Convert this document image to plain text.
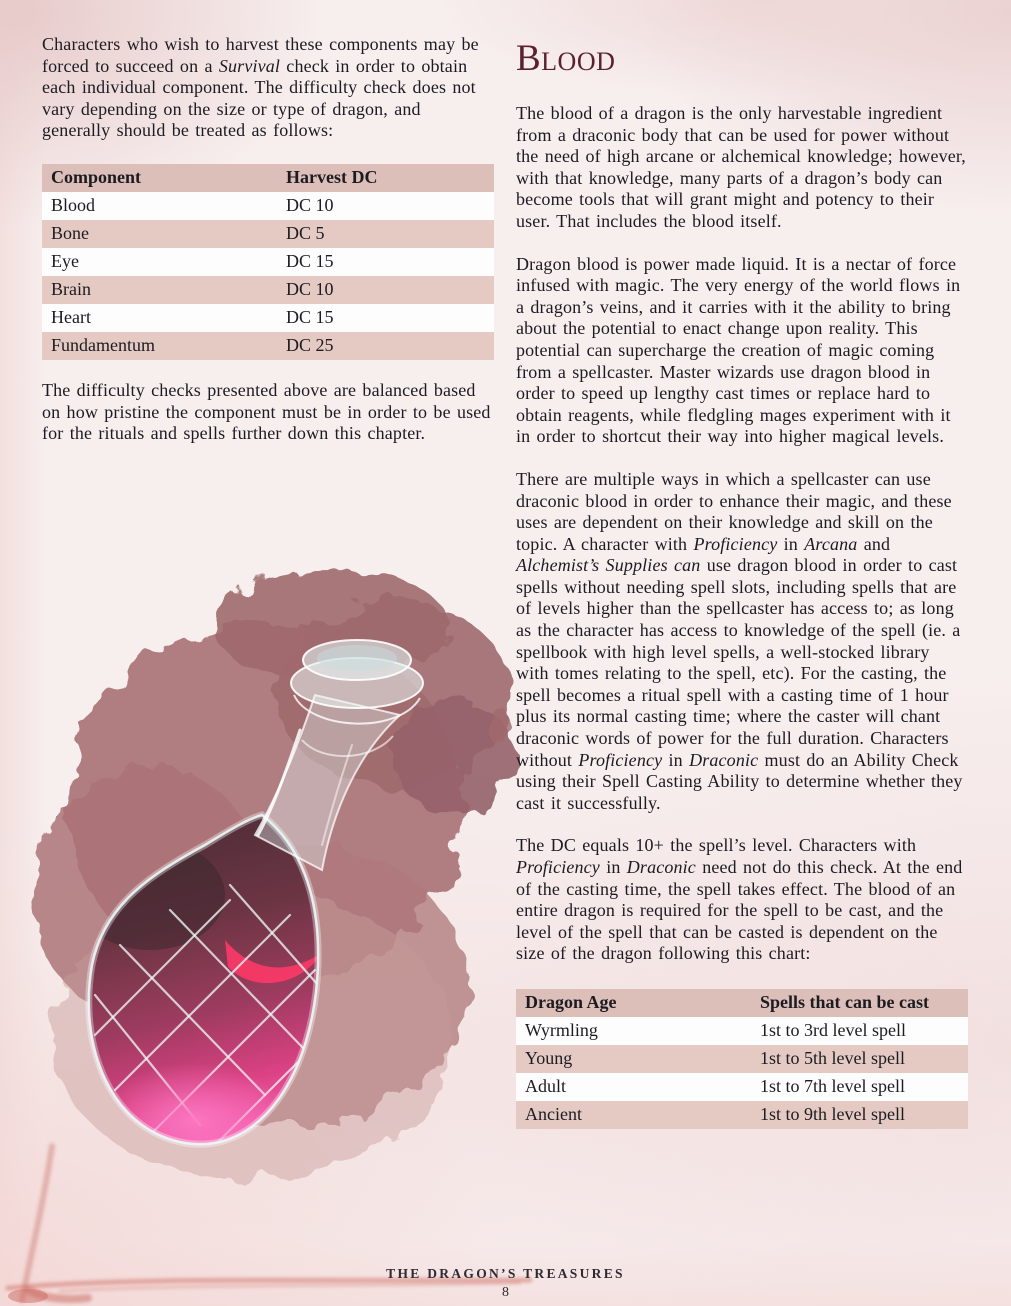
Characters who wish to harvest these components may be forced to succeed on a Survival check in order to obtain each individual component. The difficulty check does not vary depending on the size or type of dragon, and generally should be treated as follows:

Component	Harvest DC
Blood	DC 10
Bone	DC 5
Eye	DC 15
Brain	DC 10
Heart	DC 15
Fundamentum	DC 25

The difficulty checks presented above are balanced based on how pristine the component must be in order to be used for the rituals and spells further down this chapter.

Blood

The blood of a dragon is the only harvestable ingredient from a draconic body that can be used for power without the need of high arcane or alchemical knowledge; however, with that knowledge, many parts of a dragon’s body can become tools that will grant might and potency to their user. That includes the blood itself.

Dragon blood is power made liquid. It is a nectar of force infused with magic. The very energy of the world flows in a dragon’s veins, and it carries with it the ability to bring about the potential to enact change upon reality. This potential can supercharge the creation of magic coming from a spellcaster. Master wizards use dragon blood in order to speed up lengthy cast times or replace hard to obtain reagents, while fledgling mages experiment with it in order to shortcut their way into higher magical levels.

There are multiple ways in which a spellcaster can use draconic blood in order to enhance their magic, and these uses are dependent on their knowledge and skill on the topic. A character with Proficiency in Arcana and Alchemist’s Supplies can use dragon blood in order to cast spells without needing spell slots, including spells that are of levels higher than the spellcaster has access to; as long as the character has access to knowledge of the spell (ie. a spellbook with high level spells, a well-stocked library with tomes relating to the spell, etc). For the casting, the spell becomes a ritual spell with a casting time of 1 hour plus its normal casting time; where the caster will chant draconic words of power for the full duration. Characters without Proficiency in Draconic must do an Ability Check using their Spell Casting Ability to determine whether they cast it successfully.

The DC equals 10+ the spell’s level. Characters with Proficiency in Draconic need not do this check. At the end of the casting time, the spell takes effect. The blood of an entire dragon is required for the spell to be cast, and the level of the spell that can be casted is dependent on the size of the dragon following this chart:

Dragon Age	Spells that can be cast
Wyrmling	1st to 3rd level spell
Young	1st to 5th level spell
Adult	1st to 7th level spell
Ancient	1st to 9th level spell
THE DRAGON’S TREASURES
8
